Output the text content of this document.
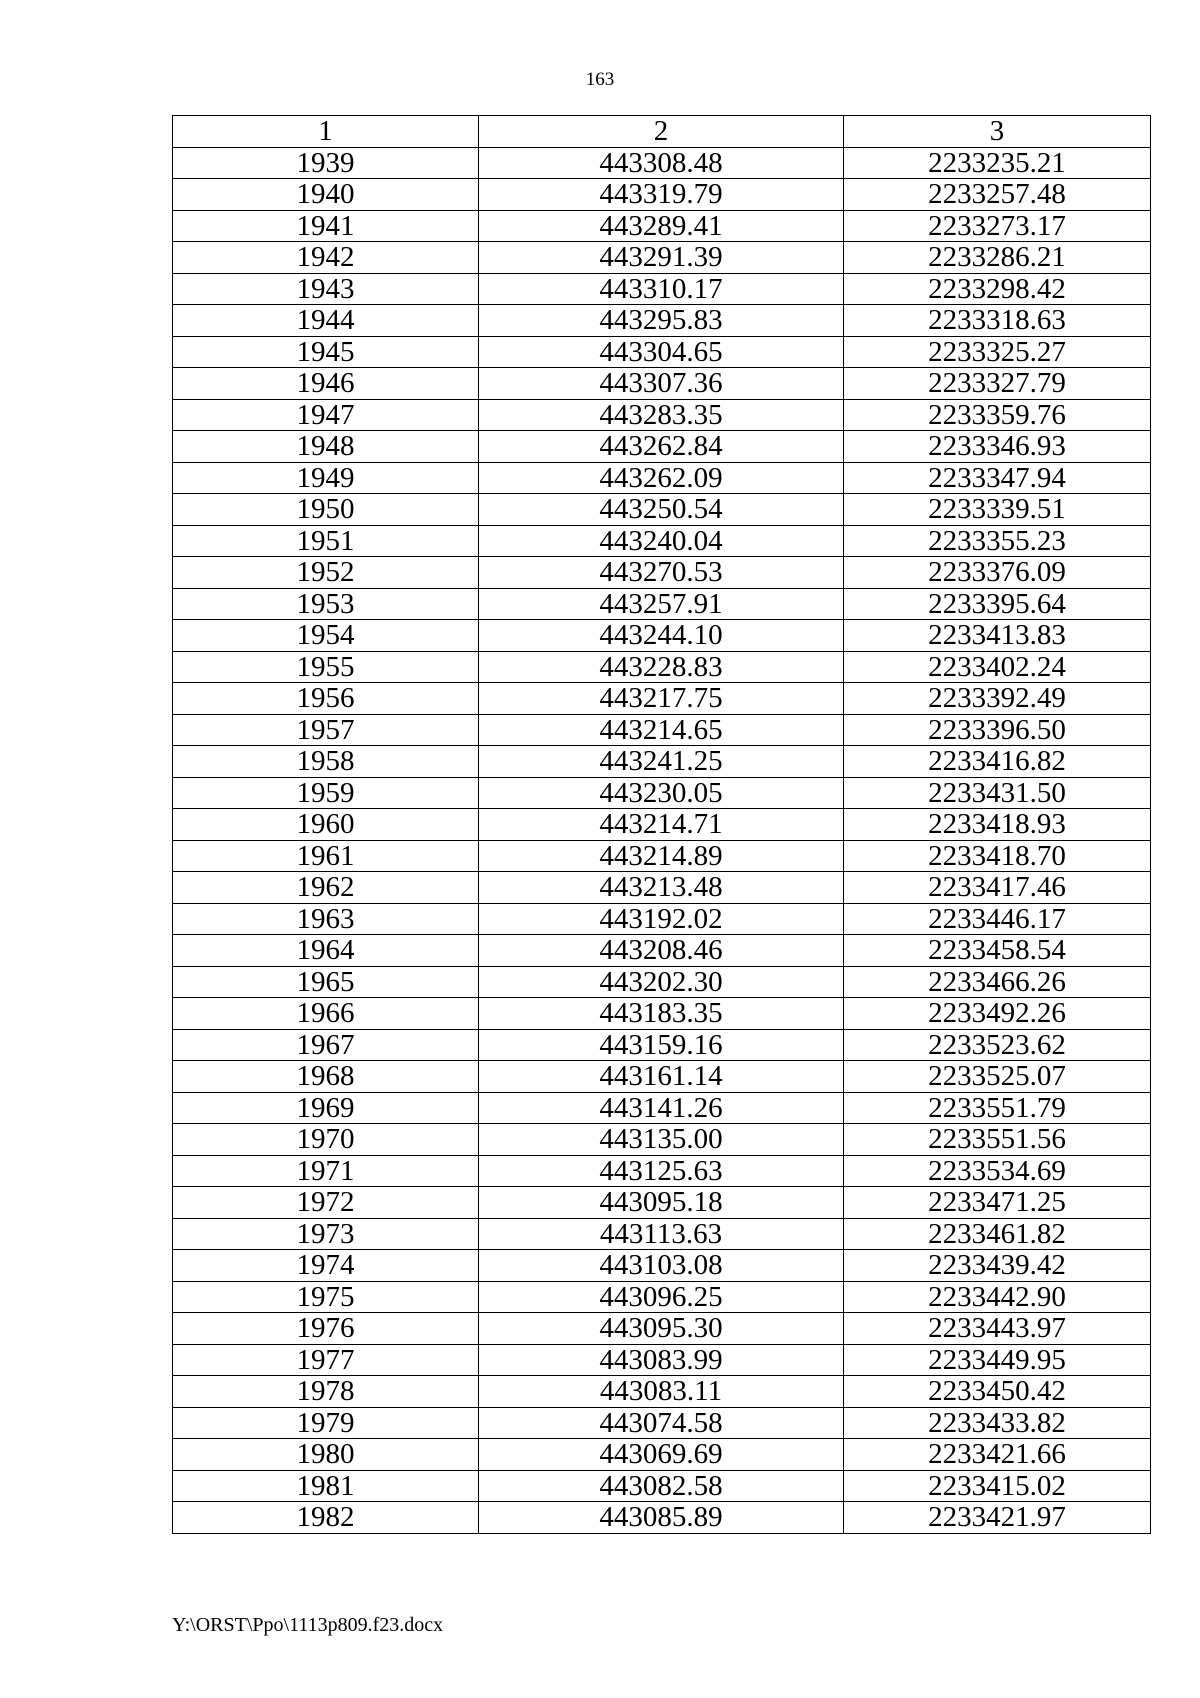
163
1	2	3
1939	443308.48	2233235.21
1940	443319.79	2233257.48
1941	443289.41	2233273.17
1942	443291.39	2233286.21
1943	443310.17	2233298.42
1944	443295.83	2233318.63
1945	443304.65	2233325.27
1946	443307.36	2233327.79
1947	443283.35	2233359.76
1948	443262.84	2233346.93
1949	443262.09	2233347.94
1950	443250.54	2233339.51
1951	443240.04	2233355.23
1952	443270.53	2233376.09
1953	443257.91	2233395.64
1954	443244.10	2233413.83
1955	443228.83	2233402.24
1956	443217.75	2233392.49
1957	443214.65	2233396.50
1958	443241.25	2233416.82
1959	443230.05	2233431.50
1960	443214.71	2233418.93
1961	443214.89	2233418.70
1962	443213.48	2233417.46
1963	443192.02	2233446.17
1964	443208.46	2233458.54
1965	443202.30	2233466.26
1966	443183.35	2233492.26
1967	443159.16	2233523.62
1968	443161.14	2233525.07
1969	443141.26	2233551.79
1970	443135.00	2233551.56
1971	443125.63	2233534.69
1972	443095.18	2233471.25
1973	443113.63	2233461.82
1974	443103.08	2233439.42
1975	443096.25	2233442.90
1976	443095.30	2233443.97
1977	443083.99	2233449.95
1978	443083.11	2233450.42
1979	443074.58	2233433.82
1980	443069.69	2233421.66
1981	443082.58	2233415.02
1982	443085.89	2233421.97
Y:\ORST\Ppo\1113p809.f23.docx
